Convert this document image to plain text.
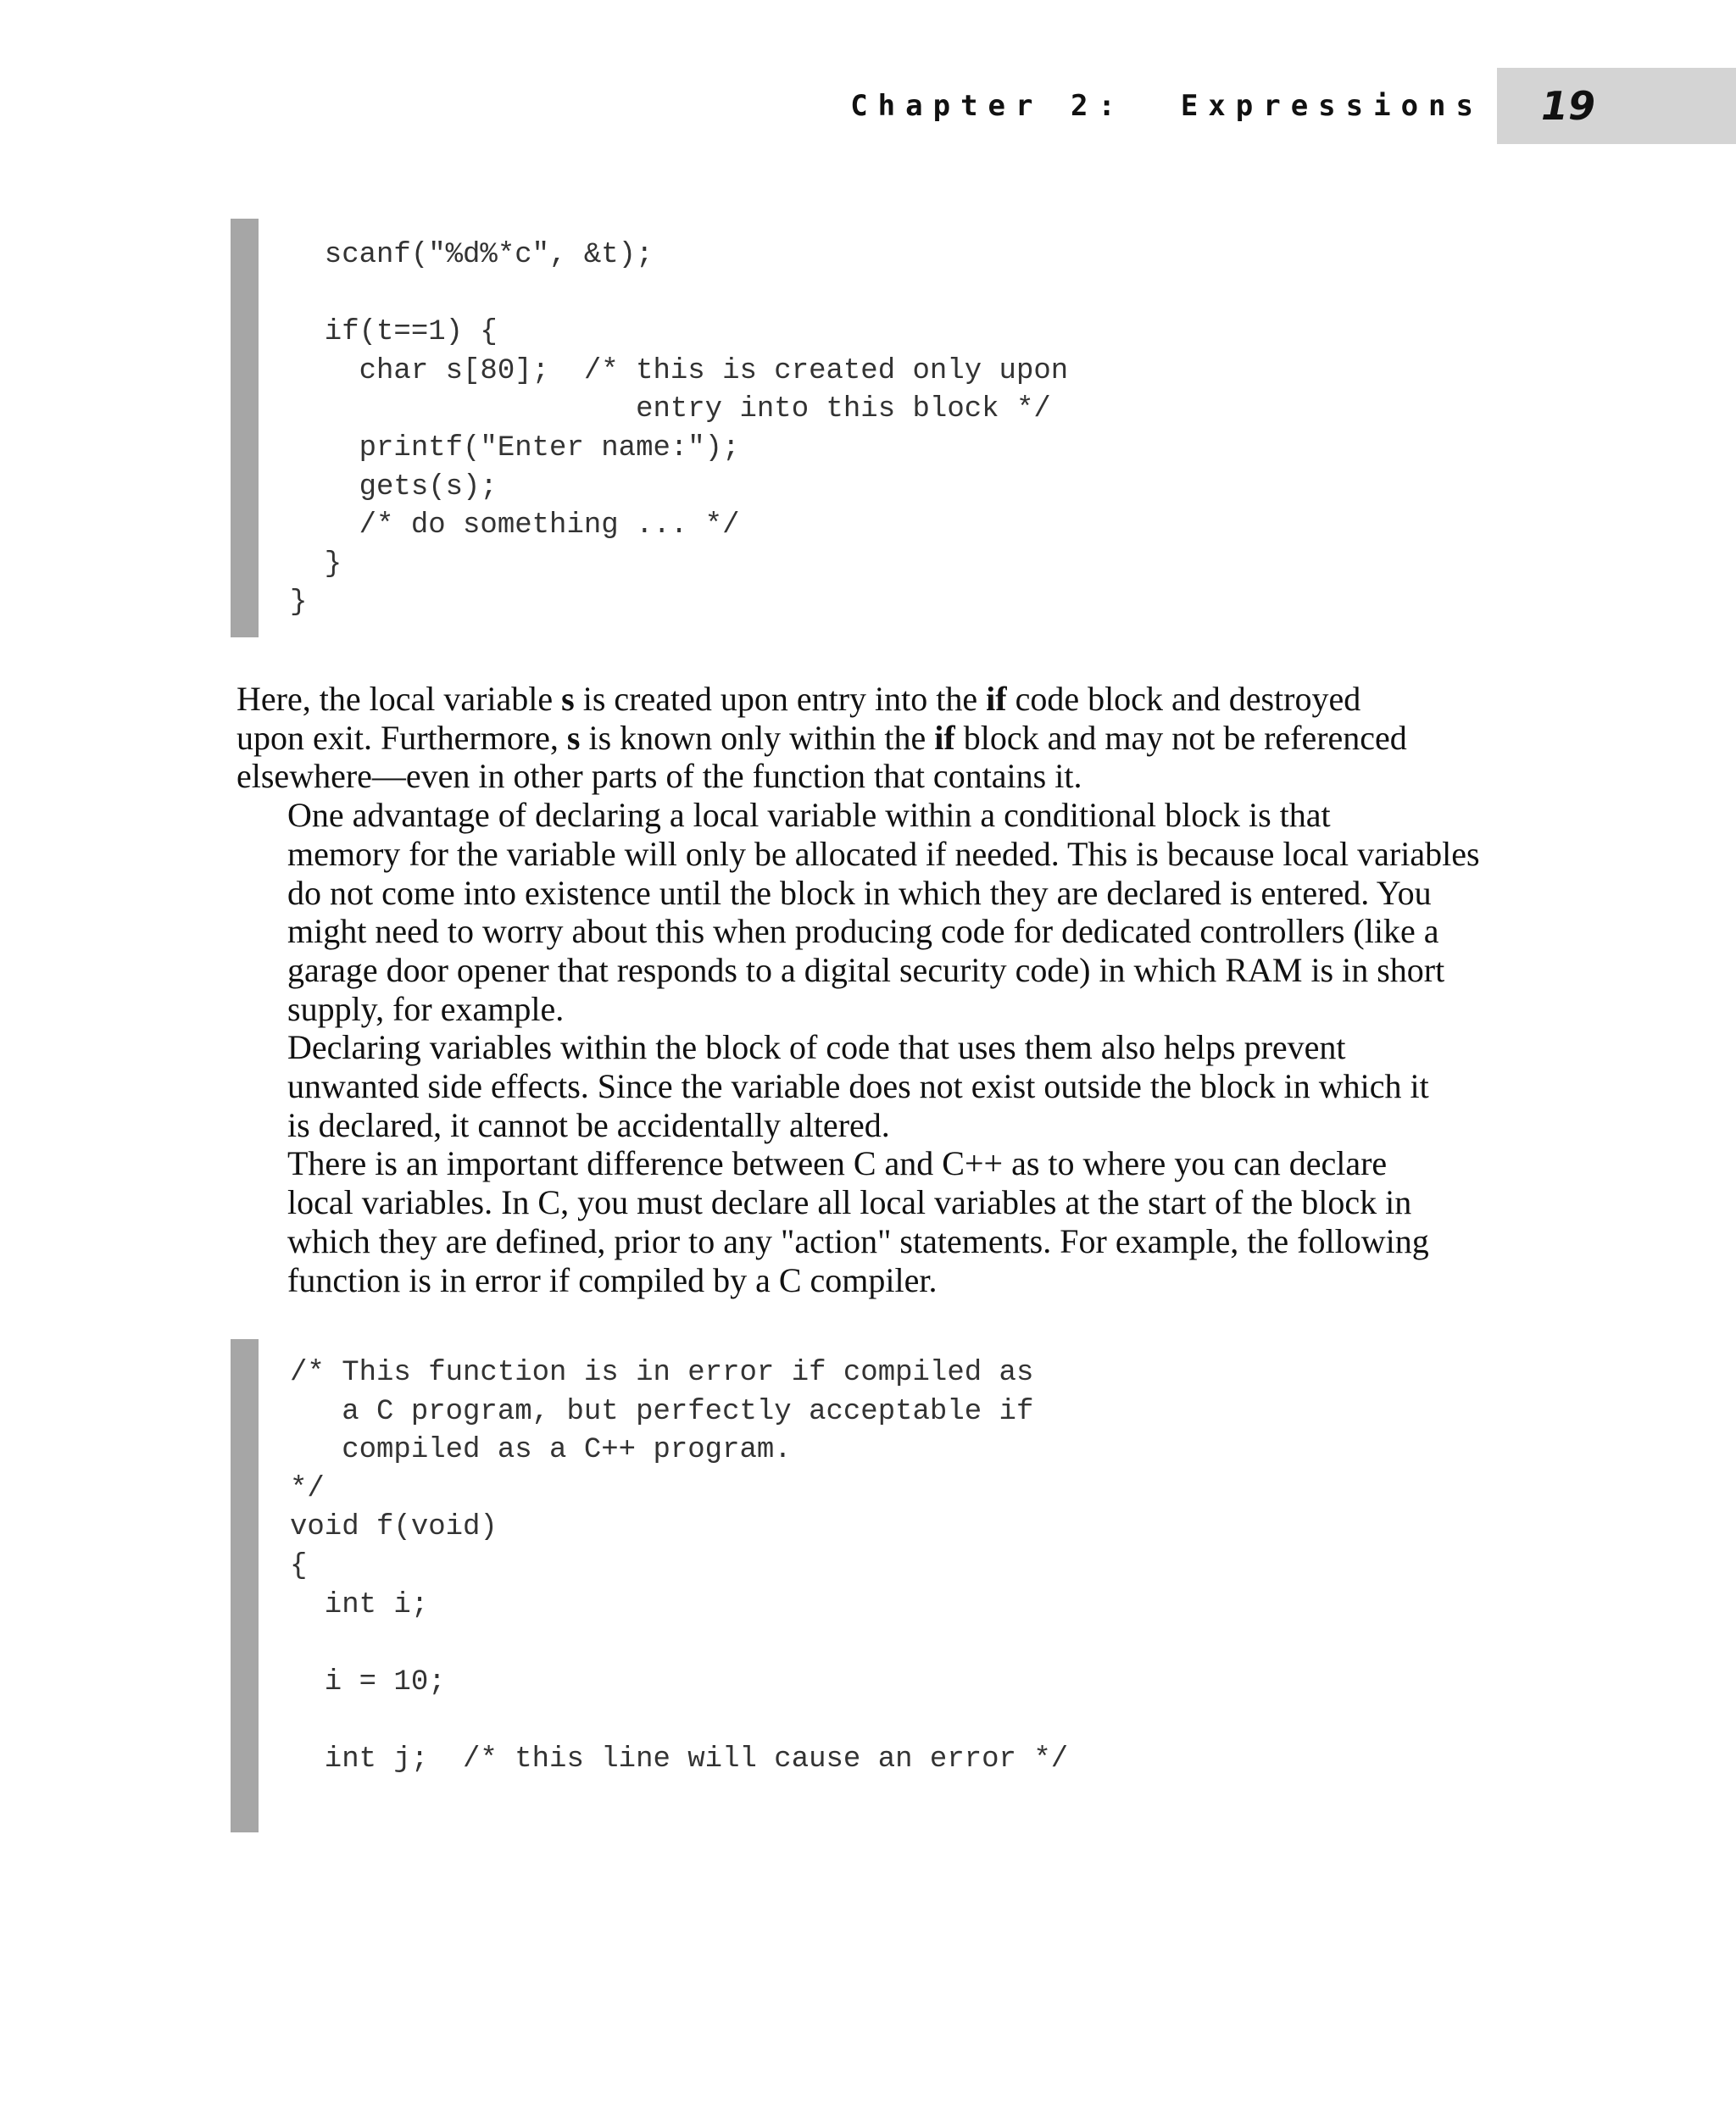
Chapter 2:  Expressions 19
scanf("%d%*c", &t);

if(t==1) {
char s[80];  /* this is created only upon
entry into this block */
printf("Enter name:");
gets(s);
/* do something ... */
}
}

Here, the local variable s is created upon entry into the if code block and destroyed
upon exit. Furthermore, s is known only within the if block and may not be referenced
elsewhere—even in other parts of the function that contains it.

One advantage of declaring a local variable within a conditional block is that
memory for the variable will only be allocated if needed. This is because local variables
do not come into existence until the block in which they are declared is entered. You
might need to worry about this when producing code for dedicated controllers (like a
garage door opener that responds to a digital security code) in which RAM is in short
supply, for example.

Declaring variables within the block of code that uses them also helps prevent
unwanted side effects. Since the variable does not exist outside the block in which it
is declared, it cannot be accidentally altered.

There is an important difference between C and C++ as to where you can declare
local variables. In C, you must declare all local variables at the start of the block in
which they are defined, prior to any "action" statements. For example, the following
function is in error if compiled by a C compiler.

/* This function is in error if compiled as
a C program, but perfectly acceptable if
compiled as a C++ program.
*/
void f(void)
{
int i;

i = 10;

int j;  /* this line will cause an error */
